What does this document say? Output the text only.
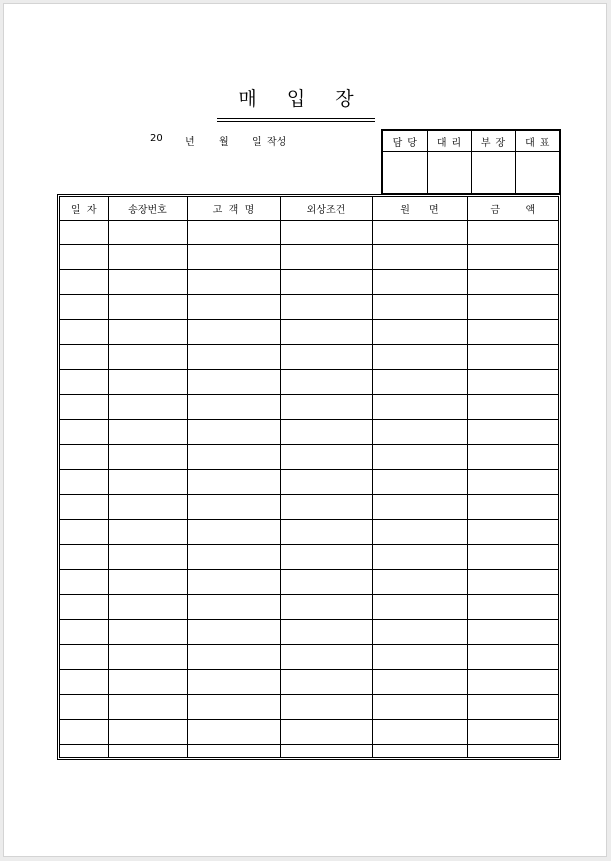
매 입 장
20 년 월 일 작성	담당	대리	부장	대표

일  자	송장번호	고  객  명	외상조건	원      면	금        액
